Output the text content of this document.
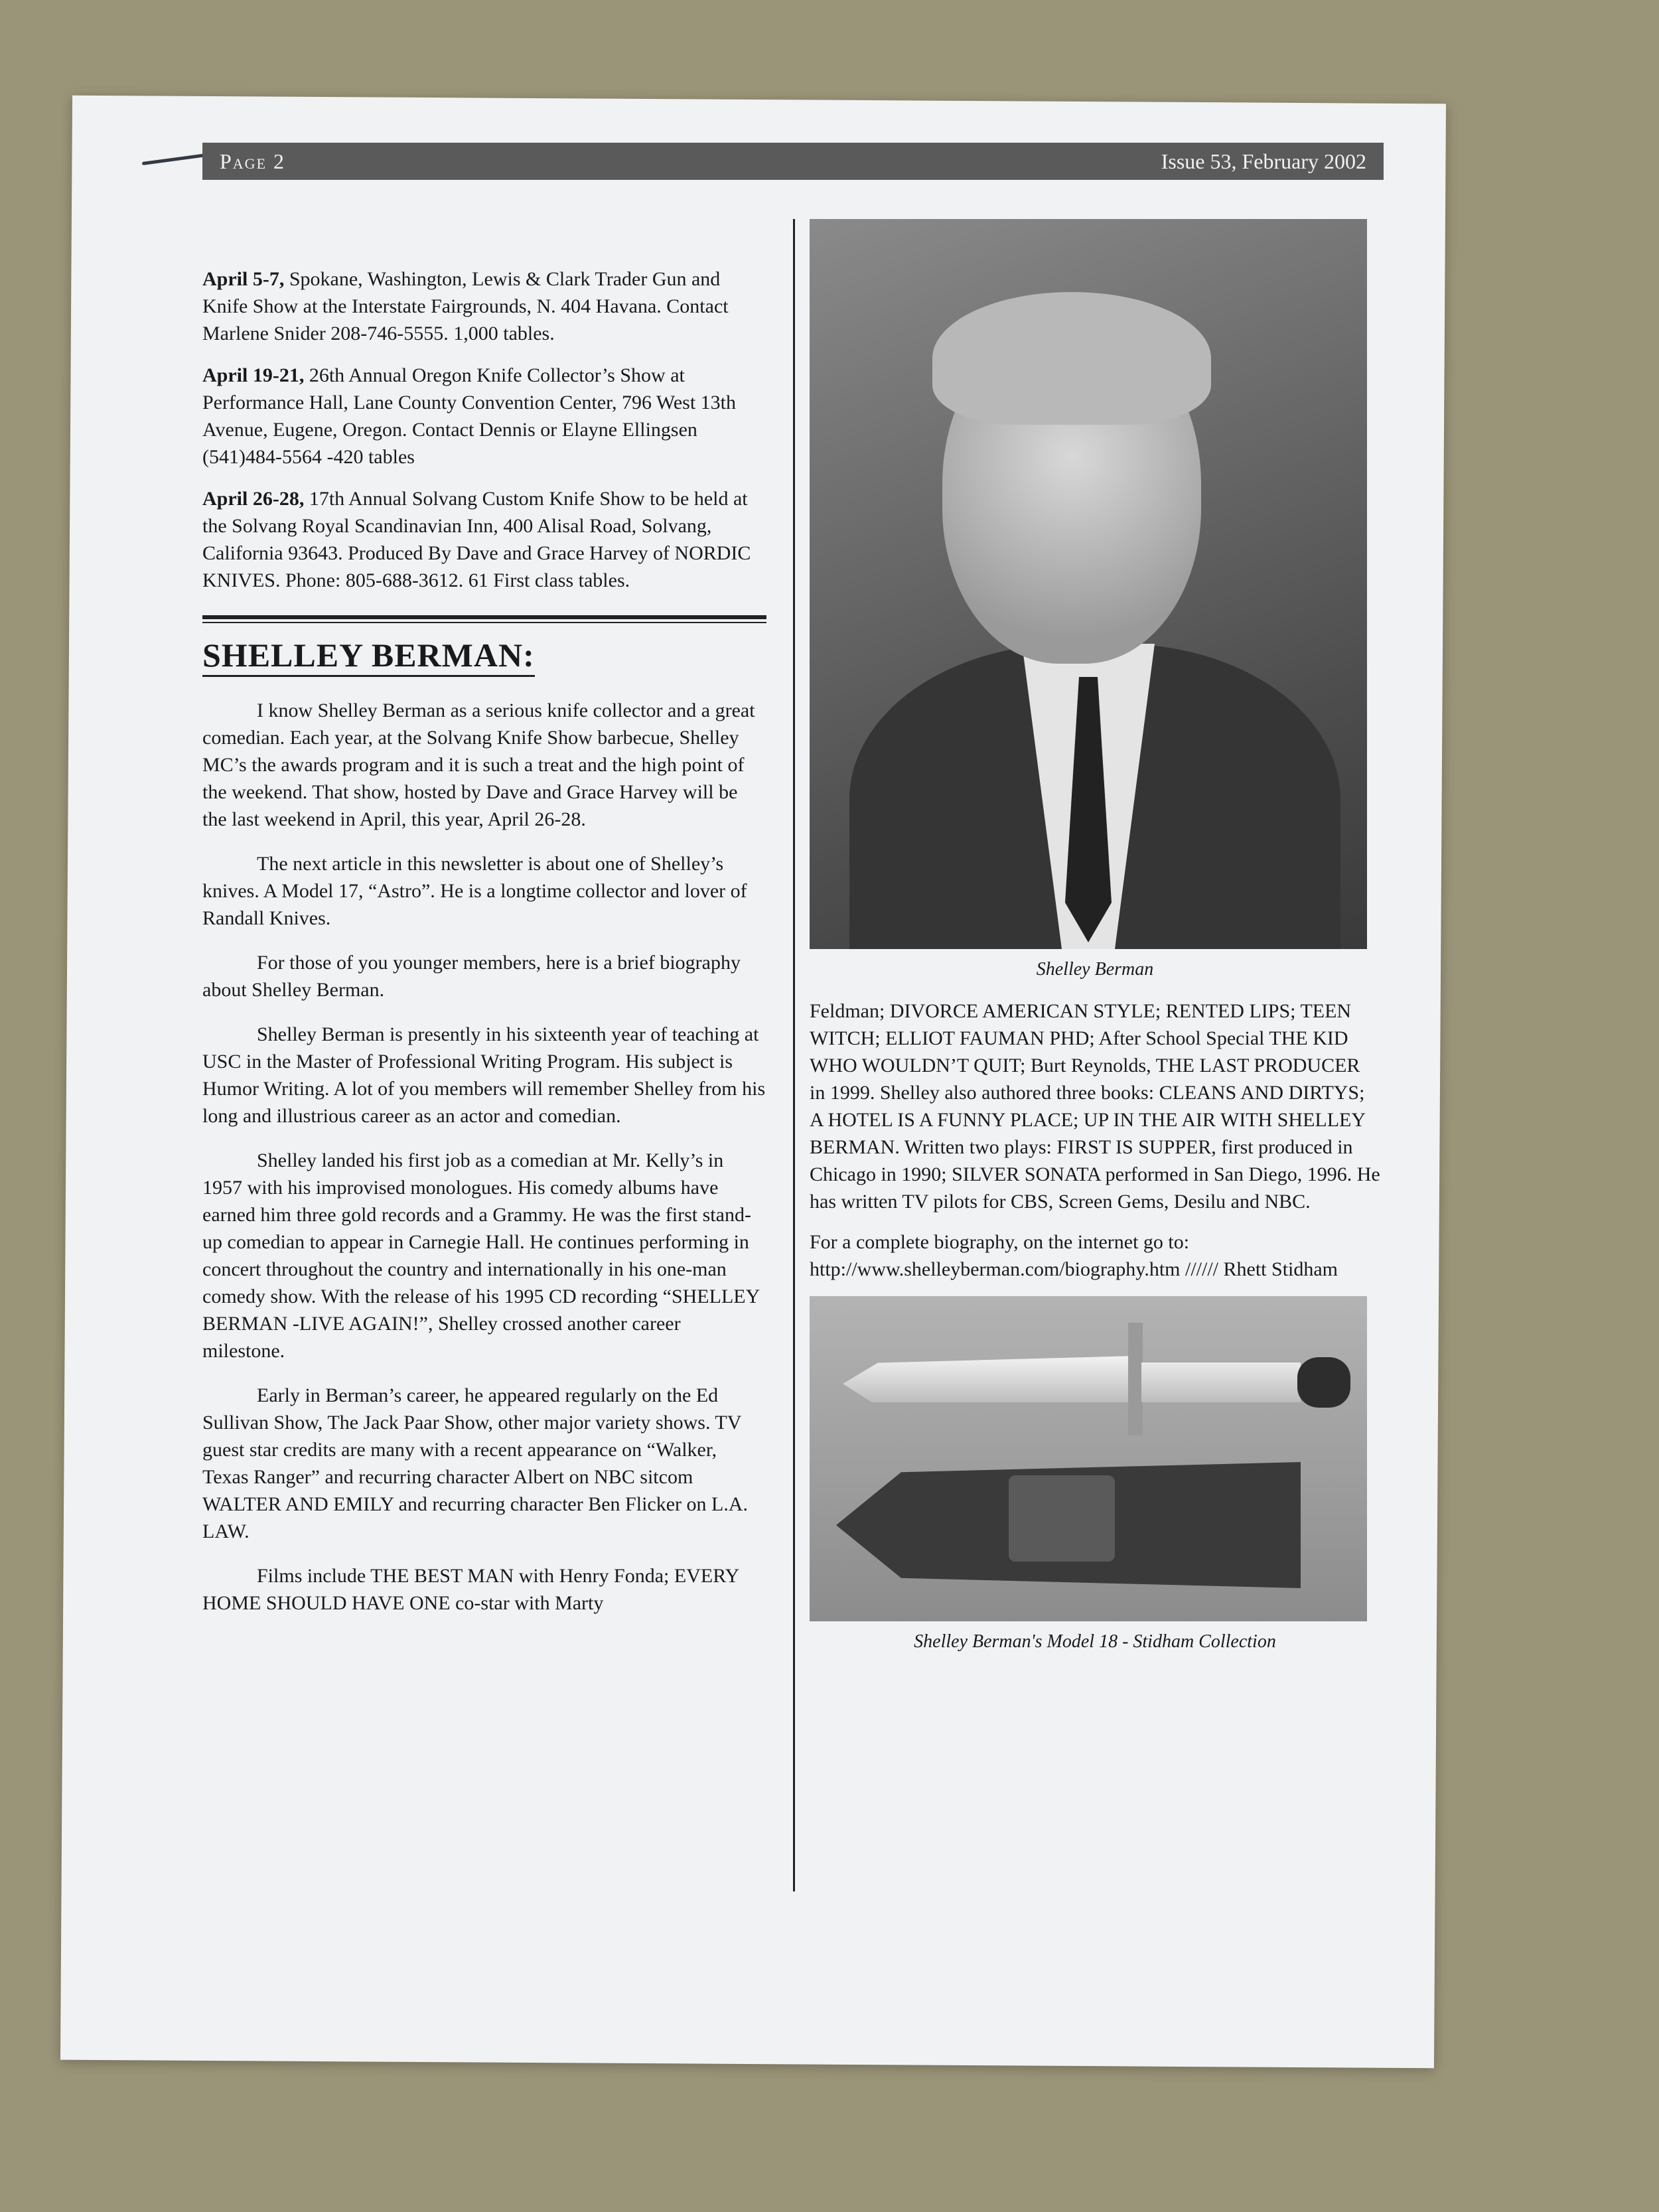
Page 2	Issue 53, February 2002

April 5-7, Spokane, Washington, Lewis & Clark Trader Gun and Knife Show at the Interstate Fairgrounds, N. 404 Havana. Contact Marlene Snider 208-746-5555. 1,000 tables.

April 19-21, 26th Annual Oregon Knife Collector’s Show at Performance Hall, Lane County Convention Center, 796 West 13th Avenue, Eugene, Oregon. Contact Dennis or Elayne Ellingsen (541)484-5564 -420 tables

April 26-28, 17th Annual Solvang Custom Knife Show to be held at the Solvang Royal Scandinavian Inn, 400 Alisal Road, Solvang, California 93643. Produced By Dave and Grace Harvey of NORDIC KNIVES. Phone: 805-688-3612. 61 First class tables.

SHELLEY BERMAN:

I know Shelley Berman as a serious knife collector and a great comedian. Each year, at the Solvang Knife Show barbecue, Shelley MC’s the awards program and it is such a treat and the high point of the weekend. That show, hosted by Dave and Grace Harvey will be the last weekend in April, this year, April 26-28.

The next article in this newsletter is about one of Shelley’s knives. A Model 17, “Astro”. He is a longtime collector and lover of Randall Knives.

For those of you younger members, here is a brief biography about Shelley Berman.

Shelley Berman is presently in his sixteenth year of teaching at USC in the Master of Professional Writing Program. His subject is Humor Writing. A lot of you members will remember Shelley from his long and illustrious career as an actor and comedian.

Shelley landed his first job as a comedian at Mr. Kelly’s in 1957 with his improvised monologues. His comedy albums have earned him three gold records and a Grammy. He was the first stand-up comedian to appear in Carnegie Hall. He continues performing in concert throughout the country and internationally in his one-man comedy show. With the release of his 1995 CD recording “SHELLEY BERMAN -LIVE AGAIN!”, Shelley crossed another career milestone.

Early in Berman’s career, he appeared regularly on the Ed Sullivan Show, The Jack Paar Show, other major variety shows. TV guest star credits are many with a recent appearance on “Walker, Texas Ranger” and recurring character Albert on NBC sitcom WALTER AND EMILY and recurring character Ben Flicker on L.A. LAW.

Films include THE BEST MAN with Henry Fonda; EVERY HOME SHOULD HAVE ONE co-star with Marty

Shelley Berman

Feldman; DIVORCE AMERICAN STYLE; RENTED LIPS; TEEN WITCH; ELLIOT FAUMAN PHD; After School Special THE KID WHO WOULDN’T QUIT; Burt Reynolds, THE LAST PRODUCER in 1999. Shelley also authored three books: CLEANS AND DIRTYS; A HOTEL IS A FUNNY PLACE; UP IN THE AIR WITH SHELLEY BERMAN. Written two plays: FIRST IS SUPPER, first produced in Chicago in 1990; SILVER SONATA performed in San Diego, 1996. He has written TV pilots for CBS, Screen Gems, Desilu and NBC.

For a complete biography, on the internet go to: http://www.shelleyberman.com/biography.htm ////// Rhett Stidham

Shelley Berman's Model 18 - Stidham Collection
